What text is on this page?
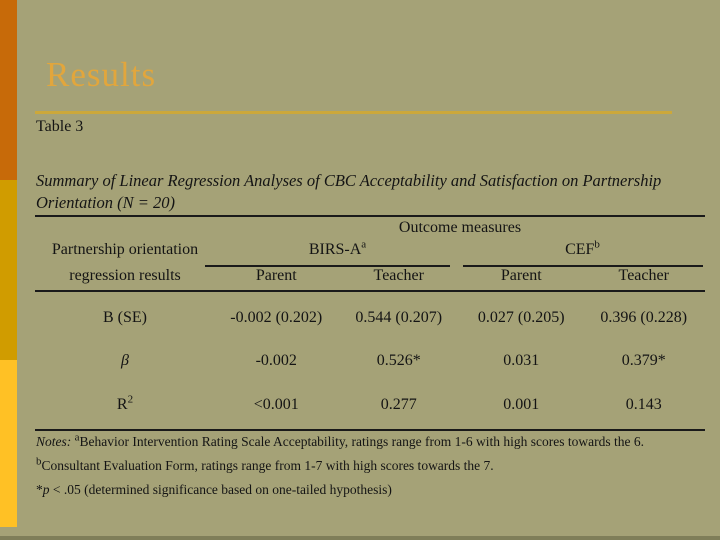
Results
Table 3
Summary of Linear Regression Analyses of CBC Acceptability and Satisfaction on Partnership
Orientation (N = 20)
Outcome measures
Partnership orientation	BIRS-$A^a$	CEF$^b$
regression results	Parent	Teacher	Parent	Teacher
B (SE)	-0.002 (0.202)	0.544 (0.207)	0.027 (0.205)	0.396 (0.228)
β	-0.002	0.526*	0.031	0.379*
$R^2$	<0.001	0.277	0.001	0.143
Notes: $^a$Behavior Intervention Rating Scale Acceptability, ratings range from 1-6 with high scores towards the 6.
$^b$Consultant Evaluation Form, ratings range from 1-7 with high scores towards the 7.
*p < .05 (determined significance based on one-tailed hypothesis)
